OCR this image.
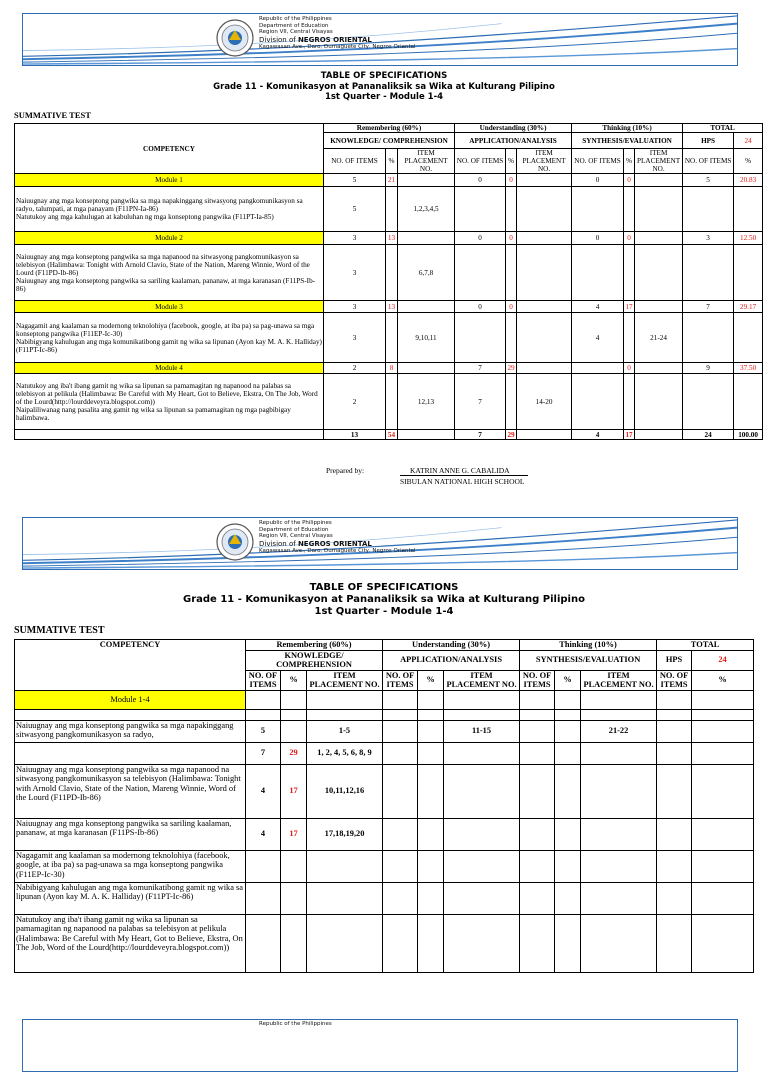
Republic of the Philippines
Department of Education
Region VII, Central Visayas
Division of NEGROS ORIENTAL
Kagawasan Ave., Daro, Dumaguete City, Negros Oriental
TABLE OF SPECIFICATIONS
Grade 11 - Komunikasyon at Pananaliksik sa Wika at Kulturang Pilipino
1st Quarter - Module 1-4
SUMMATIVE TEST
COMPETENCY	Remembering (60%)			Understanding (30%)			Thinking (10%)			TOTAL	
	KNOWLEDGE/ COMPREHENSION			APPLICATION/ANALYSIS			SYNTHESIS/EVALUATION			HPS	24
	NO. OF ITEMS	%	ITEM PLACEMENT NO.	NO. OF ITEMS	%	ITEM PLACEMENT NO.	NO. OF ITEMS	%	ITEM PLACEMENT NO.	NO. OF ITEMS	%
Module 1	5	21		0	0		0	0		5	20.83

Naiuugnay ang mga konseptong pangwika sa mga napakinggang sitwasyong pangkomunikasyon sa radyo, talumpati, at mga panayam (F11PN-Ia-86)
Natutukoy ang mga kahulugan at kabuluhan ng mga konseptong pangwika (F11PT-Ia-85)	5		1,2,3,4,5								
Module 2	3	13		0	0		0	0		3	12.50

Naiuugnay ang mga konseptong pangwika sa mga napanood na sitwasyong pangkomunikasyon sa telebisyon (Halimbawa: Tonight with Arnold Clavio, State of the Nation, Mareng Winnie, Word of the Lourd (F11PD-Ib-86)
Naiuugnay ang mga konseptong pangwika sa sariling kaalaman, pananaw, at mga karanasan (F11PS-Ib-86)	3		6,7,8								
Module 3	3	13		0	0		4	17		7	29.17

Nagagamit ang kaalaman sa modernong teknolohiya (facebook, google, at iba pa) sa pag-unawa sa mga konseptong pangwika (F11EP-Ic-30)
Nabibigyang kahulugan ang mga komunikatibong gamit ng wika sa lipunan (Ayon kay M. A. K. Halliday) (F11PT-Ic-86)	3		9,10,11				4		21-24		
Module 4	2	8		7	29			0		9	37.50

Natutukoy ang iba't ibang gamit ng wika sa lipunan sa pamamagitan ng napanood na palabas sa telebisyon at pelikula (Halimbawa: Be Careful with My Heart, Got to Believe, Ekstra, On The Job, Word of the Lourd(http://lourddeveyra.blogspot.com))
Naipaliliwanag nang pasalita ang gamit ng wika sa lipunan sa pamamagitan ng mga pagbibigay halimbawa.	2		12,13	7		14-20					
	13	54		7	29		4	17		24	100.00
Prepared by:	KATRIN ANNE G. CABALIDA
SIBULAN NATIONAL HIGH SCHOOL
Republic of the Philippines
Department of Education
Region VII, Central Visayas
Division of NEGROS ORIENTAL
Kagawasan Ave., Daro, Dumaguete City, Negros Oriental
TABLE OF SPECIFICATIONS
Grade 11 - Komunikasyon at Pananaliksik sa Wika at Kulturang Pilipino
1st Quarter - Module 1-4
SUMMATIVE TEST
COMPETENCY	Remembering (60%)			Understanding (30%)			Thinking (10%)			TOTAL	
	KNOWLEDGE/ COMPREHENSION			APPLICATION/ANALYSIS			SYNTHESIS/EVALUATION			HPS	24
	NO. OF ITEMS	%	ITEM PLACEMENT NO.	NO. OF ITEMS	%	ITEM PLACEMENT NO.	NO. OF ITEMS	%	ITEM PLACEMENT NO.	NO. OF ITEMS	%
Module 1-4											

Naiuugnay ang mga konseptong pangwika sa mga napakinggang sitwasyong pangkomunikasyon sa radyo,	5		1-5			11-15			21-22		
	7	29	1, 2, 4, 5, 6, 8, 9								
Naiuugnay ang mga konseptong pangwika sa mga napanood na sitwasyong pangkomunikasyon sa telebisyon (Halimbawa: Tonight with Arnold Clavio, State of the Nation, Mareng Winnie, Word of the Lourd (F11PD-Ib-86)	4	17	10,11,12,16								
Naiuugnay ang mga konseptong pangwika sa sariling kaalaman, pananaw, at mga karanasan (F11PS-Ib-86)	4	17	17,18,19,20								
Nagagamit ang kaalaman sa modernong teknolohiya (facebook, google, at iba pa) sa pag-unawa sa mga konseptong pangwika (F11EP-Ic-30)											
Nabibigyang kahulugan ang mga komunikatibong gamit ng wika sa lipunan (Ayon kay M. A. K. Halliday) (F11PT-Ic-86)											
Natutukoy ang iba't ibang gamit ng wika sa lipunan sa pamamagitan ng napanood na palabas sa telebisyon at pelikula (Halimbawa: Be Careful with My Heart, Got to Believe, Ekstra, On The Job, Word of the Lourd(http://lourddeveyra.blogspot.com))											
Republic of the Philippines
